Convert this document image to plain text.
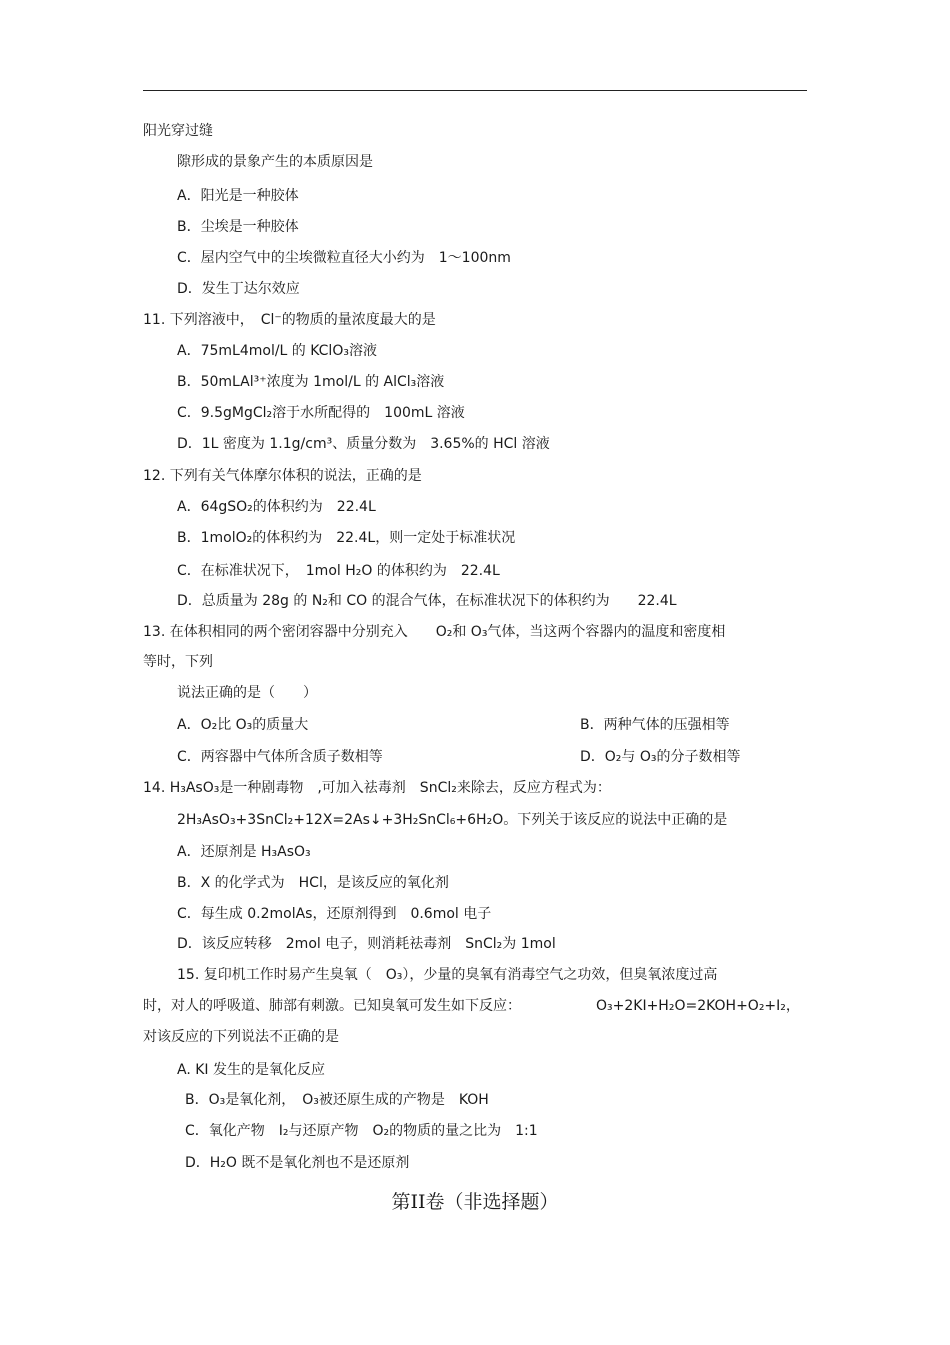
阳光穿过缝
隙形成的景象产生的本质原因是
A．阳光是一种胶体
B．尘埃是一种胶体
C．屋内空气中的尘埃微粒直径大小约为　1～100nm
D．发生丁达尔效应
11. 下列溶液中，　Cl⁻的物质的量浓度最大的是
A．75mL4mol/L 的 KClO₃溶液
B．50mLAl³⁺浓度为 1mol/L 的 AlCl₃溶液
C．9.5gMgCl₂溶于水所配得的　100mL 溶液
D．1L 密度为 1.1g/cm³、质量分数为　3.65%的 HCl 溶液
12. 下列有关气体摩尔体积的说法，正确的是
A．64gSO₂的体积约为　22.4L
B．1molO₂的体积约为　22.4L，则一定处于标准状况
C．在标准状况下，　1mol H₂O 的体积约为　22.4L
D．总质量为 28g 的 N₂和 CO 的混合气体，在标准状况下的体积约为　　22.4L
13. 在体积相同的两个密闭容器中分别充入　　O₂和 O₃气体，当这两个容器内的温度和密度相
等时，下列
说法正确的是（　　）
A．O₂比 O₃的质量大	B．两种气体的压强相等
C．两容器中气体所含质子数相等	D．O₂与 O₃的分子数相等
14. H₃AsO₃是一种剧毒物　,可加入祛毒剂　SnCl₂来除去，反应方程式为：
2H₃AsO₃+3SnCl₂+12X=2As↓+3H₂SnCl₆+6H₂O。下列关于该反应的说法中正确的是
A．还原剂是 H₃AsO₃
B．X 的化学式为　HCl，是该反应的氧化剂
C．每生成 0.2molAs，还原剂得到　0.6mol 电子
D．该反应转移　2mol 电子，则消耗祛毒剂　SnCl₂为 1mol
15. 复印机工作时易产生臭氧（　O₃），少量的臭氧有消毒空气之功效，但臭氧浓度过高
时，对人的呼吸道、肺部有刺激。已知臭氧可发生如下反应：	O₃+2KI+H₂O=2KOH+O₂+I₂，
对该反应的下列说法不正确的是
A. KI 发生的是氧化反应
B．O₃是氧化剂，　O₃被还原生成的产物是　KOH
C．氧化产物　I₂与还原产物　O₂的物质的量之比为　1:1
D．H₂O 既不是氧化剂也不是还原剂
第II卷（非选择题）
